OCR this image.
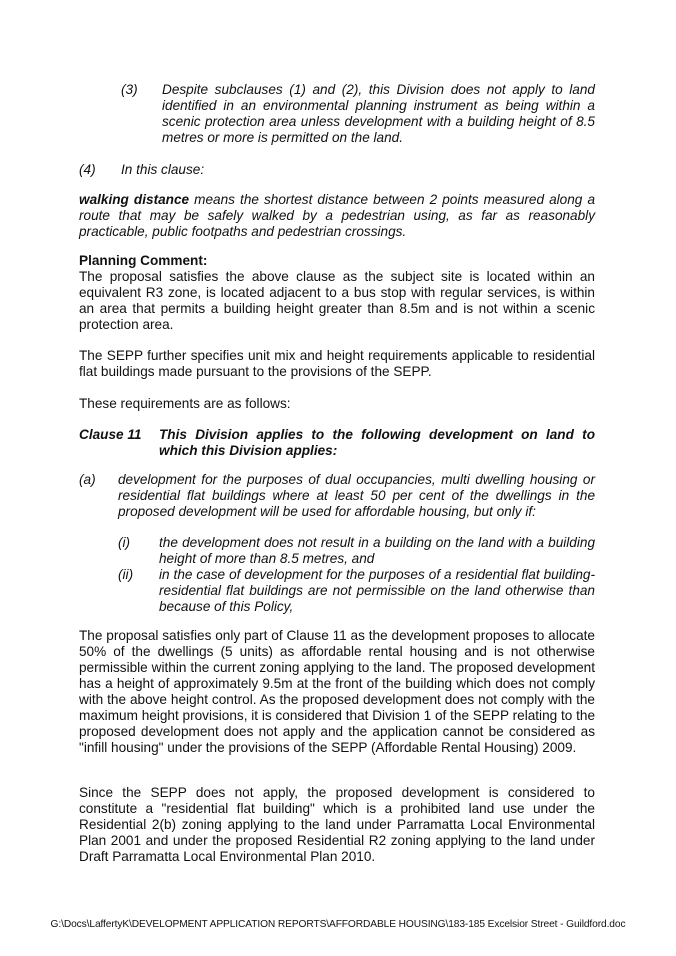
(3) Despite subclauses (1) and (2), this Division does not apply to land identified in an environmental planning instrument as being within a scenic protection area unless development with a building height of 8.5 metres or more is permitted on the land.
(4) In this clause:
walking distance means the shortest distance between 2 points measured along a route that may be safely walked by a pedestrian using, as far as reasonably practicable, public footpaths and pedestrian crossings.
Planning Comment:
The proposal satisfies the above clause as the subject site is located within an equivalent R3 zone, is located adjacent to a bus stop with regular services, is within an area that permits a building height greater than 8.5m and is not within a scenic protection area.
The SEPP further specifies unit mix and height requirements applicable to residential flat buildings made pursuant to the provisions of the SEPP.
These requirements are as follows:
Clause 11 This Division applies to the following development on land to which this Division applies:
(a) development for the purposes of dual occupancies, multi dwelling housing or residential flat buildings where at least 50 per cent of the dwellings in the proposed development will be used for affordable housing, but only if:
(i) the development does not result in a building on the land with a building height of more than 8.5 metres, and
(ii) in the case of development for the purposes of a residential flat building-residential flat buildings are not permissible on the land otherwise than because of this Policy,
The proposal satisfies only part of Clause 11 as the development proposes to allocate 50% of the dwellings (5 units) as affordable rental housing and is not otherwise permissible within the current zoning applying to the land. The proposed development has a height of approximately 9.5m at the front of the building which does not comply with the above height control. As the proposed development does not comply with the maximum height provisions, it is considered that Division 1 of the SEPP relating to the proposed development does not apply and the application cannot be considered as "infill housing" under the provisions of the SEPP (Affordable Rental Housing) 2009.
Since the SEPP does not apply, the proposed development is considered to constitute a "residential flat building" which is a prohibited land use under the Residential 2(b) zoning applying to the land under Parramatta Local Environmental Plan 2001 and under the proposed Residential R2 zoning applying to the land under Draft Parramatta Local Environmental Plan 2010.
G:\Docs\LaffertyK\DEVELOPMENT APPLICATION REPORTS\AFFORDABLE HOUSING\183-185 Excelsior Street - Guildford.doc
